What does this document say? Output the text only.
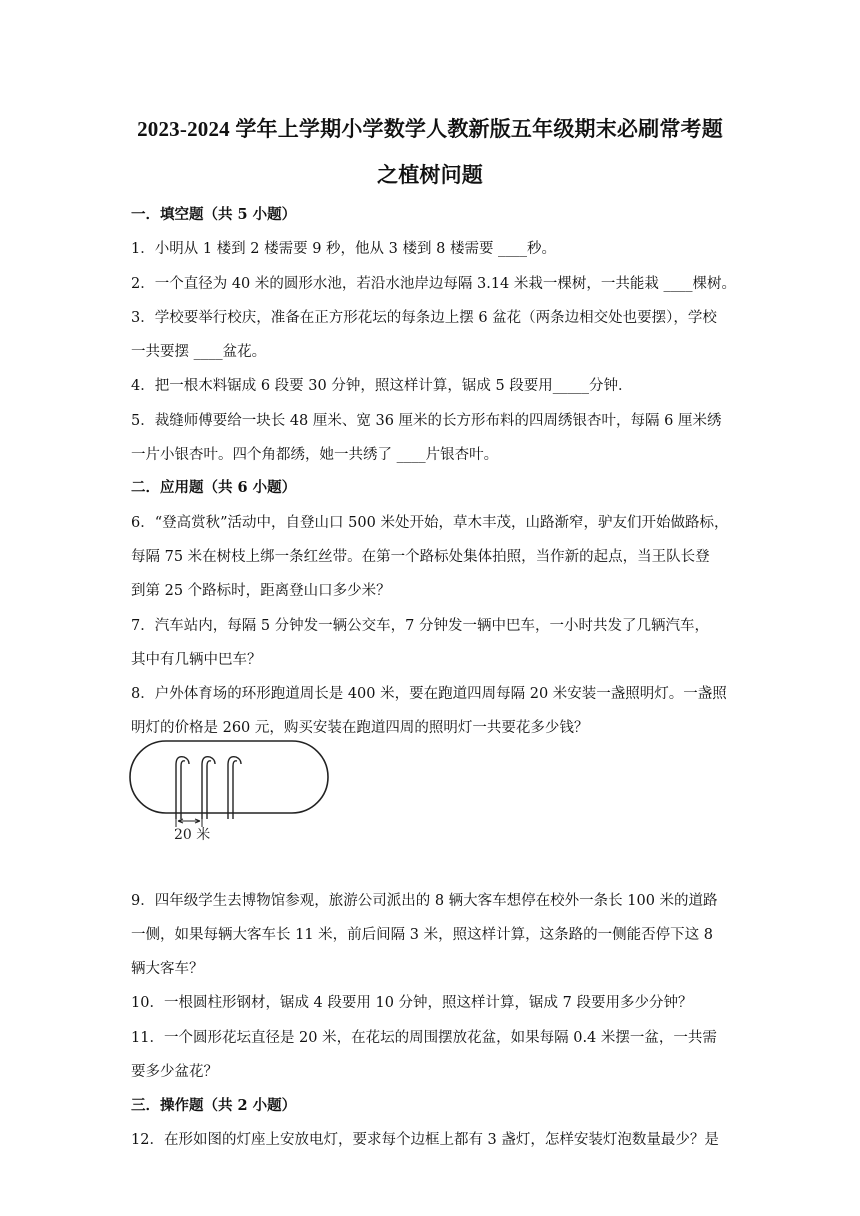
2023-2024 学年上学期小学数学人教新版五年级期末必刷常考题
之植树问题
一．填空题（共 5 小题）
1．小明从 1 楼到 2 楼需要 9 秒，他从 3 楼到 8 楼需要 ____秒。
2．一个直径为 40 米的圆形水池，若沿水池岸边每隔 3.14 米栽一棵树，一共能栽 ____棵树。
3．学校要举行校庆，准备在正方形花坛的每条边上摆 6 盆花（两条边相交处也要摆），学校
一共要摆 ____盆花。
4．把一根木料锯成 6 段要 30 分钟，照这样计算，锯成 5 段要用_____分钟．
5．裁缝师傅要给一块长 48 厘米、宽 36 厘米的长方形布料的四周绣银杏叶，每隔 6 厘米绣
一片小银杏叶。四个角都绣，她一共绣了 ____片银杏叶。
二．应用题（共 6 小题）
6．“登高赏秋”活动中，自登山口 500 米处开始，草木丰茂，山路渐窄，驴友们开始做路标，
每隔 75 米在树枝上绑一条红丝带。在第一个路标处集体拍照，当作新的起点，当王队长登
到第 25 个路标时，距离登山口多少米？
7．汽车站内，每隔 5 分钟发一辆公交车，7 分钟发一辆中巴车，一小时共发了几辆汽车，
其中有几辆中巴车？
8．户外体育场的环形跑道周长是 400 米，要在跑道四周每隔 20 米安装一盏照明灯。一盏照
明灯的价格是 260 元，购买安装在跑道四周的照明灯一共要花多少钱？
20 米
9．四年级学生去博物馆参观，旅游公司派出的 8 辆大客车想停在校外一条长 100 米的道路
一侧，如果每辆大客车长 11 米，前后间隔 3 米，照这样计算，这条路的一侧能否停下这 8
辆大客车？
10．一根圆柱形钢材，锯成 4 段要用 10 分钟，照这样计算，锯成 7 段要用多少分钟？
11．一个圆形花坛直径是 20 米，在花坛的周围摆放花盆，如果每隔 0.4 米摆一盆，一共需
要多少盆花？
三．操作题（共 2 小题）
12．在形如图的灯座上安放电灯，要求每个边框上都有 3 盏灯，怎样安装灯泡数量最少？是
